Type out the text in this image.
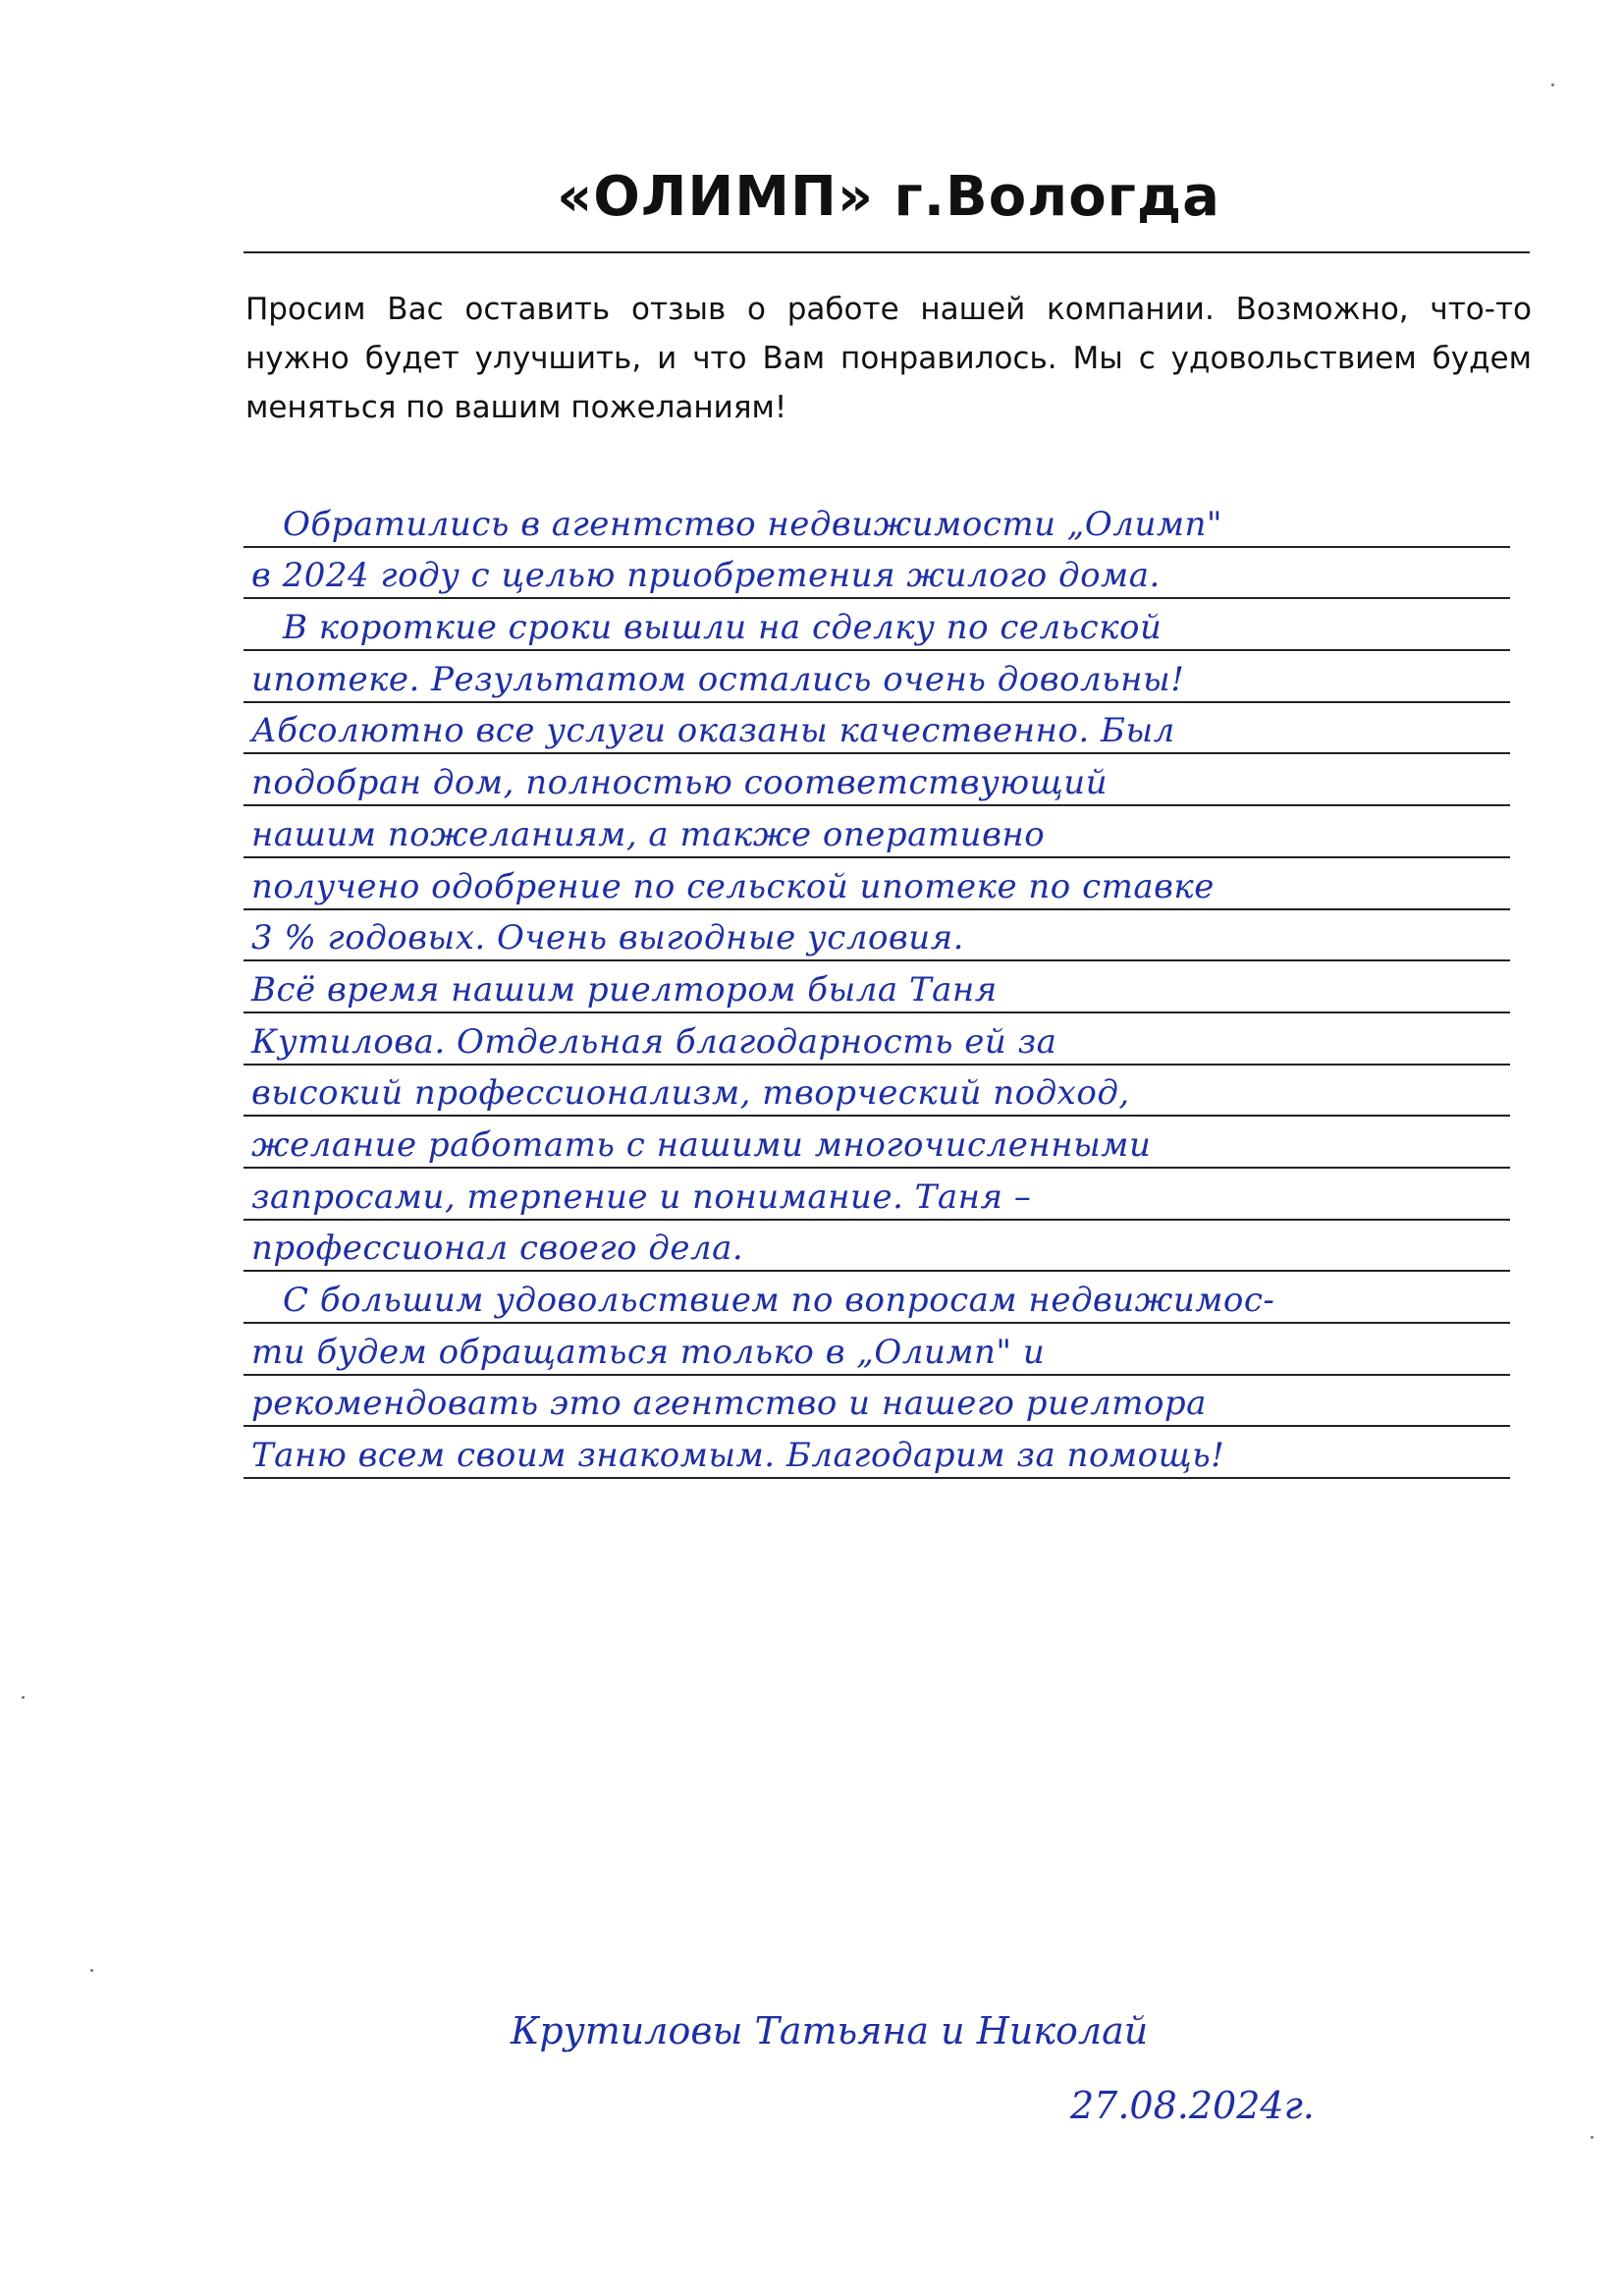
«ОЛИМП» г.Вологда
Просим Вас оставить отзыв о работе нашей компании. Возможно, что-то нужно будет улучшить, и что Вам понравилось. Мы с удовольствием будем меняться по вашим пожеланиям!
Обратились в агентство недвижимости „Олимп"
в 2024 году с целью приобретения жилого дома.
В короткие сроки вышли на сделку по сельской
ипотеке. Результатом остались очень довольны!
Абсолютно все услуги оказаны качественно. Был
подобран дом, полностью соответствующий
нашим пожеланиям, а также оперативно
получено одобрение по сельской ипотеке по ставке
3 % годовых. Очень выгодные условия.
Всё время нашим риелтором была Таня
Кутилова. Отдельная благодарность ей за
высокий профессионализм, творческий подход,
желание работать с нашими многочисленными
запросами, терпение и понимание. Таня –
профессионал своего дела.
С большим удовольствием по вопросам недвижимос-
ти будем обращаться только в „Олимп" и
рекомендовать это агентство и нашего риелтора
Таню всем своим знакомым. Благодарим за помощь!
Крутиловы Татьяна и Николай
27.08.2024г.
